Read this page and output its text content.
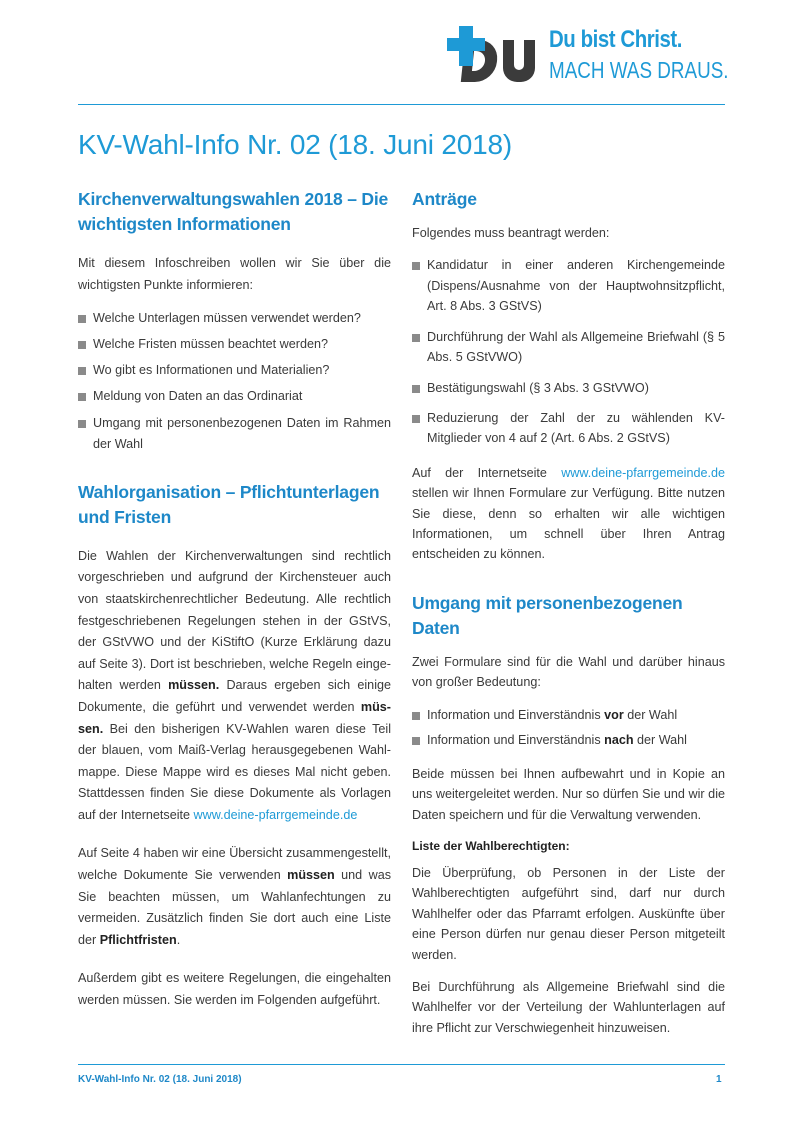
Du bist Christ.
MACH WAS DRAUS.
KV-Wahl-Info Nr. 02 (18. Juni 2018)
Kirchenverwaltungswahlen 2018 – Die wichtigsten Informationen

Mit diesem Infoschreiben wollen wir Sie über die wichtigsten Punkte informieren:

Welche Unterlagen müssen verwendet werden?
Welche Fristen müssen beachtet werden?
Wo gibt es Informationen und Materialien?
Meldung von Daten an das Ordinariat
Umgang mit personenbezogenen Daten im Rahmen der Wahl
Wahlorganisation – Pflichtunterlagen und Fristen

Die Wahlen der Kirchenverwaltungen sind rechtlich vorgeschrieben und aufgrund der Kirchensteuer auch von staatskirchenrechtlicher Bedeutung. Alle rechtlich festgeschriebenen Regelungen stehen in der GStVS, der GStVWO und der KiStiftO (Kurze Erklärung dazu auf Seite 3). Dort ist beschrieben, welche Regeln eingehalten werden müssen. Daraus ergeben sich einige Dokumente, die geführt und verwendet werden müssen. Bei den bisherigen KV-Wahlen waren diese Teil der blauen, vom Maiß-Verlag herausgegebenen Wahlmappe. Diese Mappe wird es dieses Mal nicht geben. Stattdessen finden Sie diese Dokumente als Vorlagen auf der Internetseite www.deine-pfarrgemeinde.de

Auf Seite 4 haben wir eine Übersicht zusammengestellt, welche Dokumente Sie verwenden müssen und was Sie beachten müssen, um Wahlanfechtungen zu vermeiden. Zusätzlich finden Sie dort auch eine Liste der Pflichtfristen.

Außerdem gibt es weitere Regelungen, die eingehalten werden müssen. Sie werden im Folgenden aufgeführt.

Anträge

Folgendes muss beantragt werden:

Kandidatur in einer anderen Kirchengemeinde (Dispens/Ausnahme von der Hauptwohnsitzpflicht, Art. 8 Abs. 3 GStVS)
Durchführung der Wahl als Allgemeine Briefwahl (§ 5 Abs. 5 GStVWO)
Bestätigungswahl (§ 3 Abs. 3 GStVWO)
Reduzierung der Zahl der zu wählenden KV-Mitglieder von 4 auf 2 (Art. 6 Abs. 2 GStVS)

Auf der Internetseite www.deine-pfarrgemeinde.de stellen wir Ihnen Formulare zur Verfügung. Bitte nutzen Sie diese, denn so erhalten wir alle wichtigen Informationen, um schnell über Ihren Antrag entscheiden zu können.

Umgang mit personenbezogenen Daten

Zwei Formulare sind für die Wahl und darüber hinaus von großer Bedeutung:

Information und Einverständnis vor der Wahl
Information und Einverständnis nach der Wahl

Beide müssen bei Ihnen aufbewahrt und in Kopie an uns weitergeleitet werden. Nur so dürfen Sie und wir die Daten speichern und für die Verwaltung verwenden.

Liste der Wahlberechtigten:

Die Überprüfung, ob Personen in der Liste der Wahlberechtigten aufgeführt sind, darf nur durch Wahlhelfer oder das Pfarramt erfolgen. Auskünfte über eine Person dürfen nur genau dieser Person mitgeteilt werden.

Bei Durchführung als Allgemeine Briefwahl sind die Wahlhelfer vor der Verteilung der Wahlunterlagen auf ihre Pflicht zur Verschwiegenheit hinzuweisen.

KV-Wahl-Info Nr. 02 (18. Juni 2018)	1
